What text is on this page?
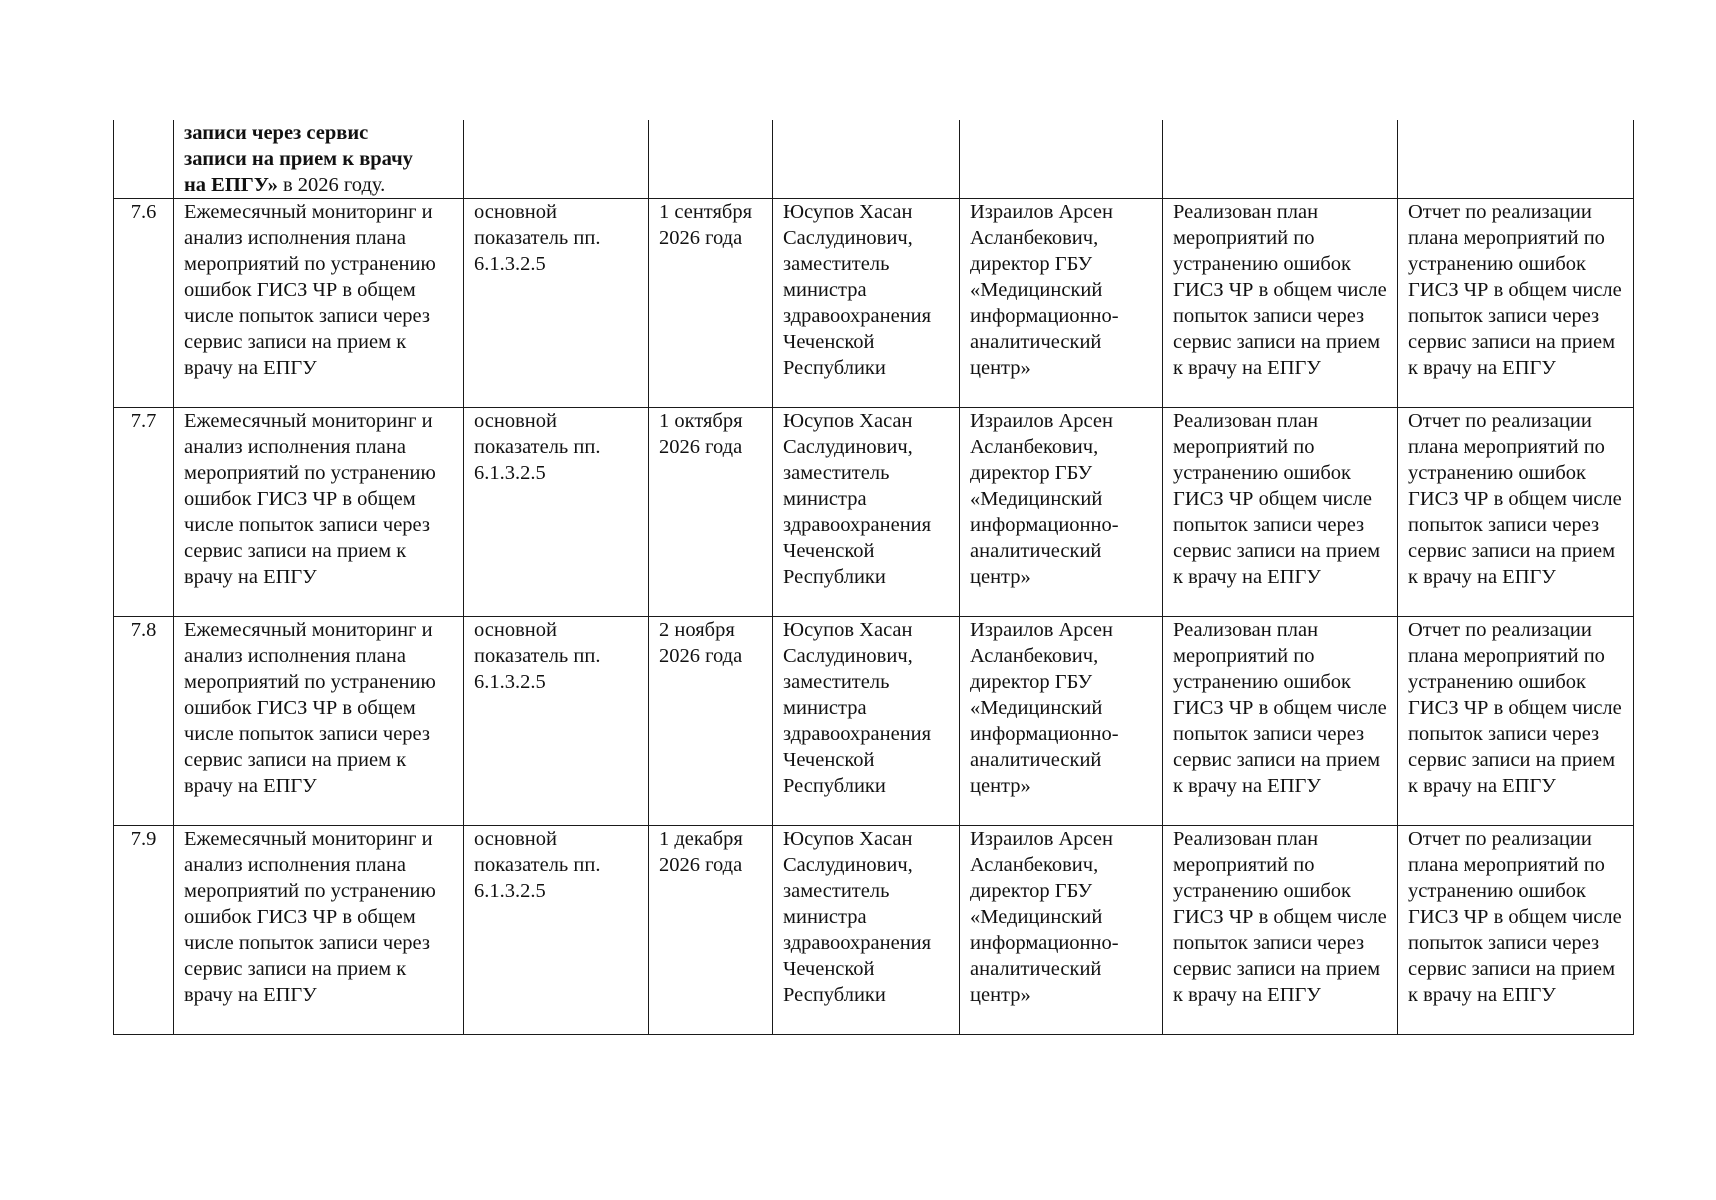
	записи через сервис
записи на прием к врачу
на ЕПГУ» в 2026 году.						
7.6	Ежемесячный мониторинг и анализ исполнения плана мероприятий по устранению ошибок ГИСЗ ЧР в общем числе попыток записи через сервис записи на прием к врачу на ЕПГУ	основной показатель пп. 6.1.3.2.5	1 сентября 2026 года	Юсупов Хасан Саслудинович, заместитель министра здравоохранения Чеченской Республики	Израилов Арсен Асланбекович, директор ГБУ «Медицинский информационно-аналитический центр»	Реализован план мероприятий по устранению ошибок ГИСЗ ЧР в общем числе попыток записи через сервис записи на прием к врачу на ЕПГУ	Отчет по реализации плана мероприятий по устранению ошибок ГИСЗ ЧР в общем числе попыток записи через сервис записи на прием к врачу на ЕПГУ
7.7	Ежемесячный мониторинг и анализ исполнения плана мероприятий по устранению ошибок ГИСЗ ЧР в общем числе попыток записи через сервис записи на прием к врачу на ЕПГУ	основной показатель пп. 6.1.3.2.5	1 октября 2026 года	Юсупов Хасан Саслудинович, заместитель министра здравоохранения Чеченской Республики	Израилов Арсен Асланбекович, директор ГБУ «Медицинский информационно-аналитический центр»	Реализован план мероприятий по устранению ошибок ГИСЗ ЧР общем числе попыток записи через сервис записи на прием к врачу на ЕПГУ	Отчет по реализации плана мероприятий по устранению ошибок ГИСЗ ЧР в общем числе попыток записи через сервис записи на прием к врачу на ЕПГУ
7.8	Ежемесячный мониторинг и анализ исполнения плана мероприятий по устранению ошибок ГИСЗ ЧР в общем числе попыток записи через сервис записи на прием к врачу на ЕПГУ	основной показатель пп. 6.1.3.2.5	2 ноября 2026 года	Юсупов Хасан Саслудинович, заместитель министра здравоохранения Чеченской Республики	Израилов Арсен Асланбекович, директор ГБУ «Медицинский информационно-аналитический центр»	Реализован план мероприятий по устранению ошибок ГИСЗ ЧР в общем числе попыток записи через сервис записи на прием к врачу на ЕПГУ	Отчет по реализации плана мероприятий по устранению ошибок ГИСЗ ЧР в общем числе попыток записи через сервис записи на прием к врачу на ЕПГУ
7.9	Ежемесячный мониторинг и анализ исполнения плана мероприятий по устранению ошибок ГИСЗ ЧР в общем числе попыток записи через сервис записи на прием к врачу на ЕПГУ	основной показатель пп. 6.1.3.2.5	1 декабря 2026 года	Юсупов Хасан Саслудинович, заместитель министра здравоохранения Чеченской Республики	Израилов Арсен Асланбекович, директор ГБУ «Медицинский информационно-аналитический центр»	Реализован план мероприятий по устранению ошибок ГИСЗ ЧР в общем числе попыток записи через сервис записи на прием к врачу на ЕПГУ	Отчет по реализации плана мероприятий по устранению ошибок ГИСЗ ЧР в общем числе попыток записи через сервис записи на прием к врачу на ЕПГУ
